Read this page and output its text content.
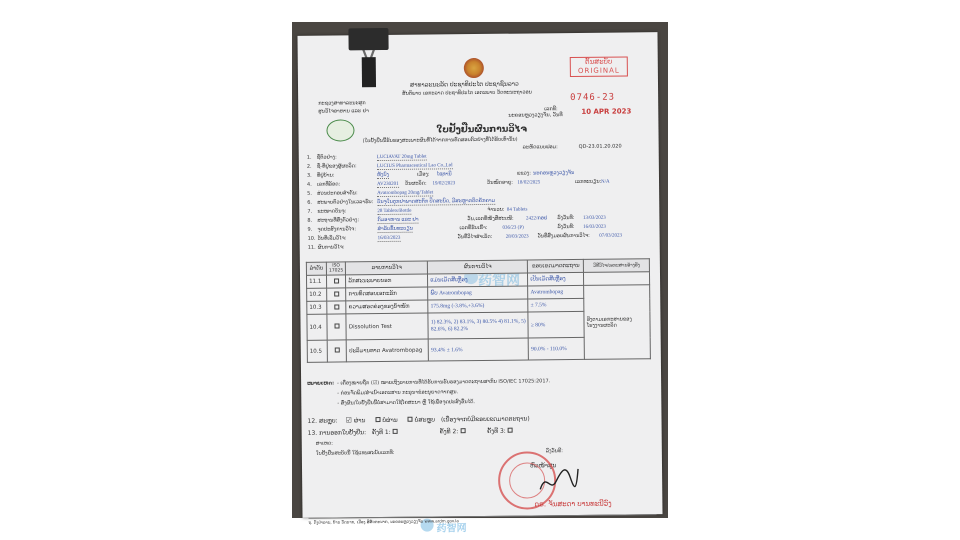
ສາທາລະນະລັດ ປະຊາທິປະໄຕ ປະຊາຊົນລາວ
ສັນຕິພາບ ເອກະລາດ ປະຊາທິປະໄຕ ເອກະພາບ ວັດທະນະຖາວອນ
ກະຊວງສາທາລະນະສຸກ
ສູນວິໄຈອາຫານ ແລະ ຢາ
ຕົ້ນສະບັບ
ORIGINAL
ເລກທີ:
0746-23
ນະຄອນຫຼວງວຽງຈັນ, ວັນທີ	10 APR 2023
ໃບຢັ້ງຢືນຜົນການວິໄຈ
(ໃບຢັ້ງຢືນນີ້ຮັບຮອງສະເພາະຜົນທີ່ໄດ້ຈາກການທົດສອບຕົວຢ່າງທີ່ໄດ້ຮັບເທົ່ານັ້ນ)
ລະຫັດແບບຟອມ:	QD-23.01.20.020
1. ຊື່ຕົວຢ່າງ:	LUCIAVAT 20mg Tablet
2. ຊື່-ທີ່ຢູ່ຂອງຜູ້ຜະລິດ:	LUCIUS Pharmaceutical Lao Co.,Ltd
3. ທີ່ຢູ່ບ້ານ:	ຫັງບົງ	ເມືອງ: ໄຊທານີ	ແຂວງ: ນະຄອນຫຼວງວຽງຈັນ
4. ເລກທີ່ລັອດ:	AV230201 ວັນຜະລິດ: 19/02/2023	ວັນໝົດອາຍຸ: 18/02/2025	ເລກທະບຽນ: N/A
5. ສ່ວນປະກອບສຳຄັນ:	Avatrombopag 20mg/Tablet
6. ສະພາບຕົວຢ່າງໃນເວລາຮັບ: ບັນຈຸໃນຕຸກຢາພາດສະຕິກ ປິດສະນິດ, ມີສະຫຼາກຕິດຄັກຄາມ
7. ຂະໜາດບັນຈຸ:	28 Tablets/Bottle	ຈຳນວນ: 84 Tablets
8. ສະຖານທີ່ສົ່ງຕົວຢ່າງ:	ກົມອາຫານ ແລະ ຢາ	ວັນ,ເລກທີ່ໜັງສືສະເໜີ: 2422/ກອຢ ລົງວັນທີ: 13/03/2023
9. ຈຸດປະສົງການວິໄຈ:	ສຳລັບຂຶ້ນທະບຽນ	ເລກທີ່ຮັບເຂົ້າ:	036/23 (P)	ລົງວັນທີ: 16/03/2023
10. ວັນທີ່ເລີ່ມວິໄຈ:	16/03/2023	ວັນທີ່ວິໄຈສຳເລັດ:	28/03/2023 ວັນທີ່ສົ່ງມອບຜົນການວິໄຈ: 07/03/2023
11. ຜົນການວິໄຈ:
药智网
ລຳດັບ	ISO 17025	ລາຍການວິໄຈ	ຜົນການວິໄຈ	ຂອບເຂດມາດຕະຖານ	ວິທີວິໄຈ/ເອກະສານອ້າງອີງ
11.1		ລັກສະນະພາຍນອກ	ແມ່ນເມັດສີເຫຼືອງ	ເປັນເມັດສີເຫຼືອງ	
10.2		ການທົດສອບເອກະລັກ	ພົບ Avatrombopag	Avatrombopag	ອີງຕາມເອກະສານຂອງໂຮງງານຜະລິດ
10.3		ຄວາມສອດຄ່ອງຂອງນ້ຳໜັກ	175.8mg (-3.8%,+3.6%)	± 7.5%	
10.4		Dissolution Test	1) 82.3%, 2) 83.1%, 3) 80.5% 4) 81.1%, 5) 82.6%, 6) 82.2%	≥ 80%	
10.5		ປະລິມານທາດ Avatrombopag	93.4% ± 1.6%	90.0% - 110.0%	
ໝາຍເຫດ: - ເຄື່ອງໝາຍຖືກ (☑) ໝາຍເຖິງລາຍການທີ່ໄດ້ຮັບການຮັບຮອງມາດຕະຖານສາກົນ ISO/IEC 17025:2017.
- ກ່ອນຈັດພິມ/ສຳເນົາເອກະສານ ກະລຸນາຂໍອະນຸຍາດຈາກສູນ.
- ສົ່ງຜົນ/ໃບຢັ້ງຢືນນີ້ບໍ່ສາມາດໃຊ້ໂຄສະນາ ຫຼື ໃຊ້ເພື່ອຈຸດປະສົງອື່ນໄດ້.
12. ສະຫຼຸບ: ☑ ຜ່ານ	ບໍ່ຜ່ານ	ບໍ່ສະຫຼຸບ (ເນື່ອງຈາກບໍ່ມີຂອບເຂດມາດຕະຖານ)
13. ການອອກໃບຢັ້ງຢືນ: ຄັ້ງທີ 1:	ຄັ້ງທີ 2:	ຄັ້ງທີ 3:
ສາເຫດ:
ໃບຢັ້ງຢືນສະບັບນີ້ ໃຊ້ແທນສະບັບເລກທີ:	ລົງວັນທີ:
ຫົວໜ້າສູນ
ດຣ. ຈັນສະດາ ບານທະນີວົງ
药智网
ຖ. ດົງປ່າລານ, ບ້ານ ວັດນາກ, ເມືອງ ສີສັດຕະນາກ, ນະຄອນຫຼວງວຽງຈັນ www.ardm.gov.la
